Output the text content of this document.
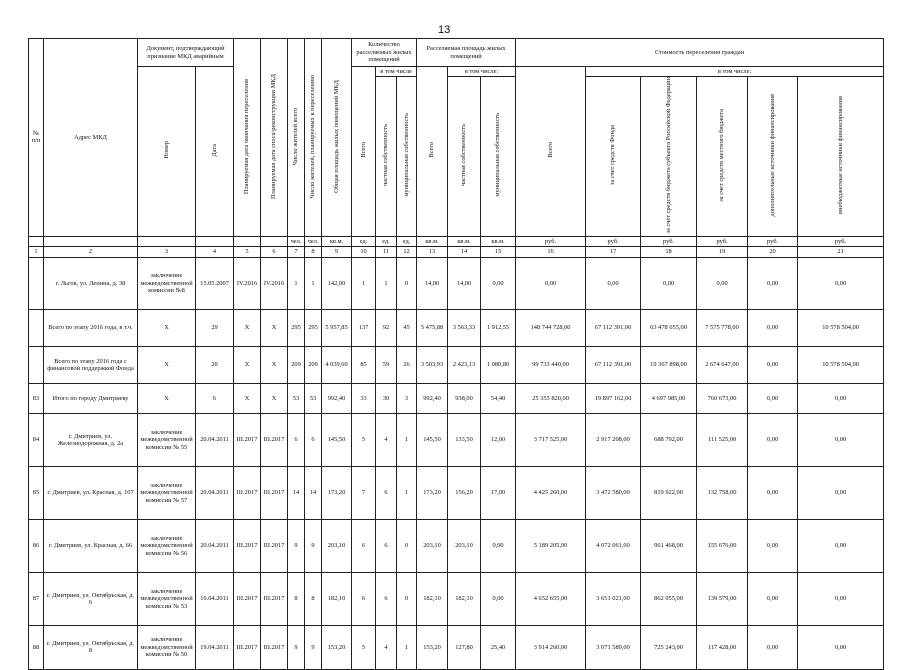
13
№ п/п	Адрес МКД	Документ, подтверждающий признание МКД аварийным		Планируемая дата окончания переселения	Планируемая дата сноса/реконструкции МКД	Число жителей всего	Число жителей, планируемых к переселению	Общая площадь жилых помещений МКД	Количество расселяемых жилых помещений			Расселяемая площадь жилых помещений			Стоимость переселения граждан					
		Номер	Дата						Всего	в том числе		Всего	в том числе:		Всего	в том числе:				
										частная собственность	муниципальная собственность		частная собственность	муниципальная собственность		за счет средств Фонда	за счет средств бюджета субъекта Российской Федерации	за счет средств местного бюджета	дополнительные источники финансирования	внебюджетные источники финансирования
						чел.	чел.	кв.м.	ед.	ед.	ед.	кв.м.	кв.м.	кв.м.	руб.	руб.	руб.	руб.	руб.	руб.
1	2	3	4	5	6	7	8	9	10	11	12	13	14	15	16	17	18	19	20	21
	г. Льгов, ул. Ленина, д. 38	заключение межведомственной комиссии №8	15.05.2007	IV.2016	IV.2016	1	1	142,00	1	1	0	14,00	14,00	0,00	0,00	0,00	0,00	0,00	0,00	0,00
	Всего по этапу 2016 года, в т.ч.	X	29	X	X	295	295	5 957,85	137	92	45	5 475,88	3 563,33	1 912,55	148 744 728,00	67 112 391,00	63 478 055,00	7 575 778,00	0,00	10 578 504,00
	Всего по этапу 2016 года с финансовой поддержкой Фонда	X	20	X	X	209	209	4 039,60	85	59	26	3 503,93	2 423,13	1 080,80	99 733 440,00	67 112 391,00	19 367 898,00	2 674 647,00	0,00	10 578 504,00
83	Итого по городу Дмитриеву	X	6	X	X	53	53	992,40	33	30	3	992,40	938,00	54,40	25 355 820,00	19 897 162,00	4 697 985,00	760 673,00	0,00	0,00
84	г. Дмитриев, ул. Железнодорожная, д. 2а	заключение межведомственной комиссии № 55	20.04.2011	III.2017	III.2017	6	6	145,50	5	4	1	145,50	133,50	12,00	3 717 525,00	2 917 208,00	688 792,00	111 525,00	0,00	0,00
85	г. Дмитриев, ул. Красная, д. 107	заключение межведомственной комиссии № 57	20.04.2011	III.2017	III.2017	14	14	173,20	7	6	1	173,20	156,20	17,00	4 425 260,00	3 472 580,00	819 922,00	132 758,00	0,00	0,00
86	г. Дмитриев, ул. Красная, д. 66	заключение межведомственной комиссии № 56	20.04.2011	III.2017	III.2017	9	9	203,10	6	6	0	203,10	203,10	0,00	5 189 205,00	4 072 061,00	961 468,00	155 676,00	0,00	0,00
87	г. Дмитриев, ул. Октябрьская, д. 6	заключение межведомственной комиссии № 53	19.04.2011	III.2017	III.2017	8	8	182,10	6	6	0	182,10	182,10	0,00	4 652 655,00	3 651 021,00	862 055,00	139 579,00	0,00	0,00
88	г. Дмитриев, ул. Октябрьская, д. 8	заключение межведомственной комиссии № 50	19.04.2011	III.2017	III.2017	9	9	153,20	5	4	1	153,20	127,80	25,40	3 914 260,00	3 071 589,00	725 243,00	117 428,00	0,00	0,00
